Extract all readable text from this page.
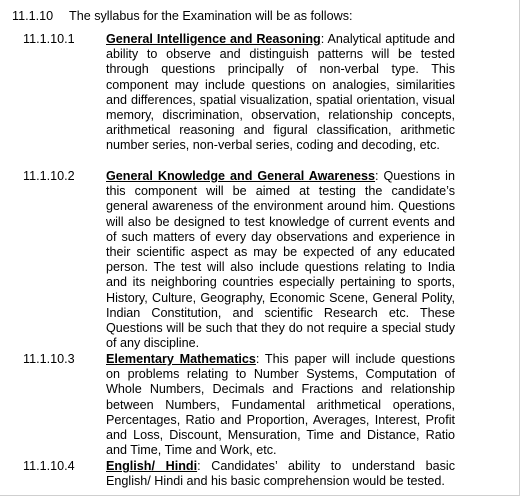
11.1.10 The syllabus for the Examination will be as follows:
11.1.10.1	General Intelligence and Reasoning: Analytical aptitude and ability to observe and distinguish patterns will be tested through questions principally of non-verbal type. This component may include questions on analogies, similarities and differences, spatial visualization, spatial orientation, visual memory, discrimination, observation, relationship concepts, arithmetical reasoning and figural classification, arithmetic number series, non-verbal series, coding and decoding, etc.
11.1.10.2	General Knowledge and General Awareness: Questions in this component will be aimed at testing the candidate’s general awareness of the environment around him. Questions will also be designed to test knowledge of current events and of such matters of every day observations and experience in their scientific aspect as may be expected of any educated person. The test will also include questions relating to India and its neighboring countries especially pertaining to sports, History, Culture, Geography, Economic Scene, General Polity, Indian Constitution, and scientific Research etc. These Questions will be such that they do not require a special study of any discipline.
11.1.10.3	Elementary Mathematics: This paper will include questions on problems relating to Number Systems, Computation of Whole Numbers, Decimals and Fractions and relationship between Numbers, Fundamental arithmetical operations, Percentages, Ratio and Proportion, Averages, Interest, Profit and Loss, Discount, Mensuration, Time and Distance, Ratio and Time, Time and Work, etc.
11.1.10.4	English/ Hindi: Candidates’ ability to understand basic English/ Hindi and his basic comprehension would be tested.
